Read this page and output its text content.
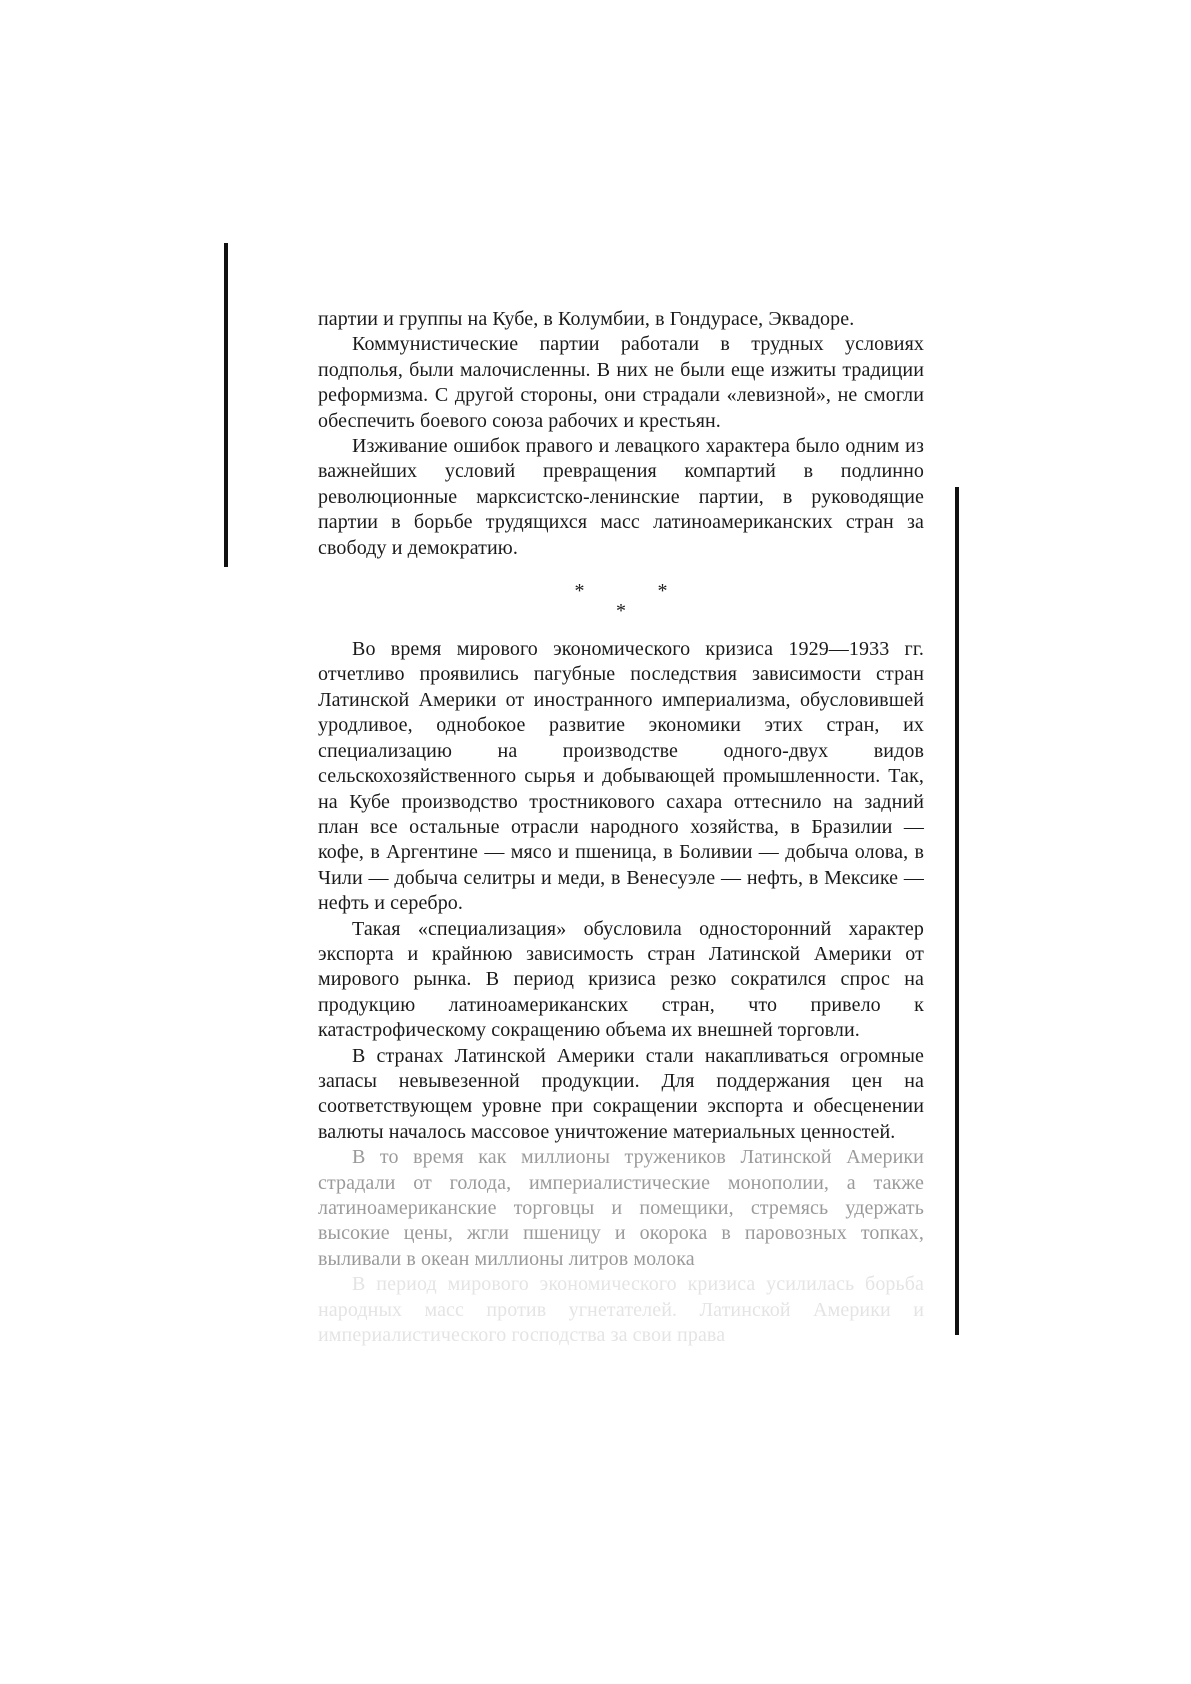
партии и группы на Кубе, в Колумбии, в Гондурасе, Эквадоре.

Коммунистические партии работали в трудных условиях подполья, были малочисленны. В них не были еще изжиты традиции реформизма. С другой стороны, они страдали «левизной», не смогли обеспечить боевого союза рабочих и крестьян.

Изживание ошибок правого и левацкого характера было одним из важнейших условий превращения компартий в подлинно революционные марксистско-ленинские партии, в руководящие партии в борьбе трудящихся масс латиноамериканских стран за свободу и демократию.

* *
*

Во время мирового экономического кризиса 1929—1933 гг. отчетливо проявились пагубные последствия зависимости стран Латинской Америки от иностранного империализма, обусловившей уродливое, однобокое развитие экономики этих стран, их специализацию на производстве одного-двух видов сельскохозяйственного сырья и добывающей промышленности. Так, на Кубе производство тростникового сахара оттеснило на задний план все остальные отрасли народного хозяйства, в Бразилии — кофе, в Аргентине — мясо и пшеница, в Боливии — добыча олова, в Чили — добыча селитры и меди, в Венесуэле — нефть, в Мексике — нефть и серебро.

Такая «специализация» обусловила односторонний характер экспорта и крайнюю зависимость стран Латинской Америки от мирового рынка. В период кризиса резко сократился спрос на продукцию латиноамериканских стран, что привело к катастрофическому сокращению объема их внешней торговли.

В странах Латинской Америки стали накапливаться огромные запасы невывезенной продукции. Для поддержания цен на соответствующем уровне при сокращении экспорта и обесценении валюты началось массовое уничтожение материальных ценностей.

В то время как миллионы тружеников Латинской Америки страдали от голода, империалистические монополии, а также латиноамериканские торговцы и помещики, стремясь удержать высокие цены, жгли пшеницу и окорока в паровозных топках, выливали в океан миллионы литров молока

В период мирового экономического кризиса усилилась борьба народных масс против угнетателей. Латинской Америки и империалистического господства за свои права
